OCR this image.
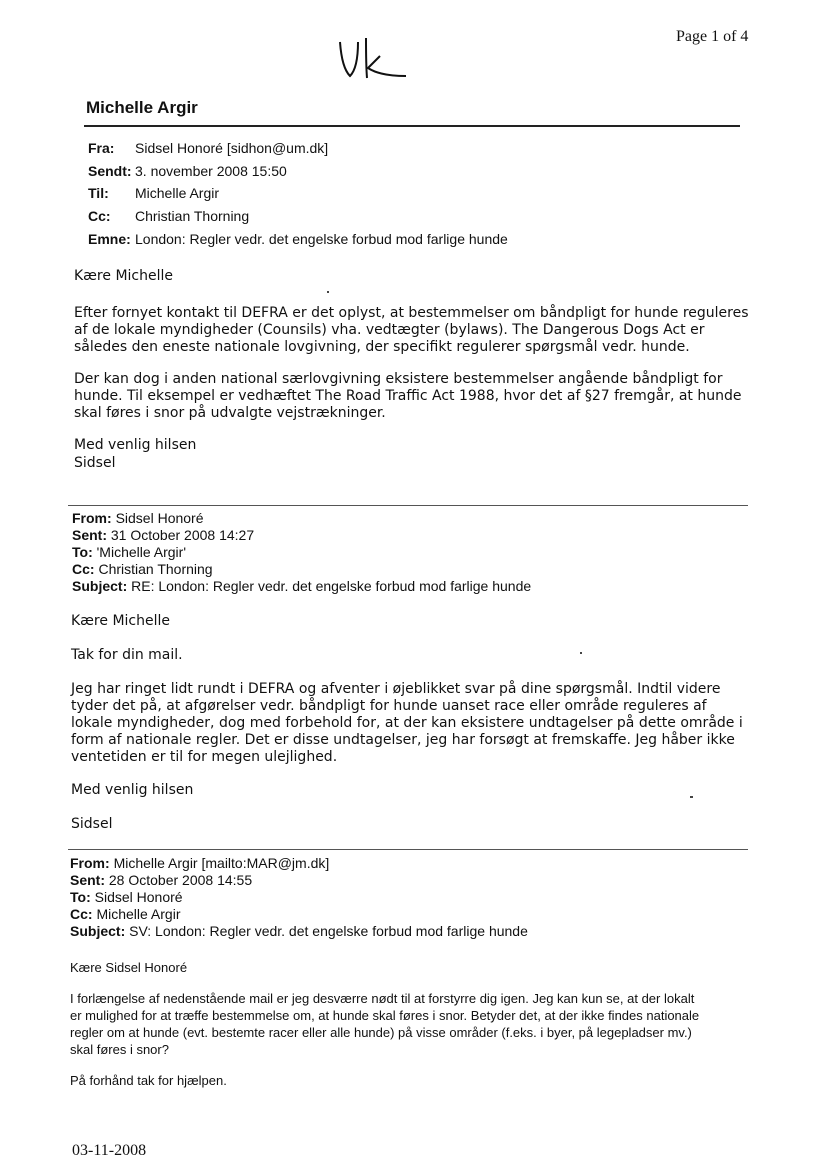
Page 1 of 4
Michelle Argir
Fra: Sidsel Honoré [sidhon@um.dk]
Sendt: 3. november 2008 15:50
Til: Michelle Argir
Cc: Christian Thorning
Emne: London: Regler vedr. det engelske forbud mod farlige hunde
Kære Michelle
Efter fornyet kontakt til DEFRA er det oplyst, at bestemmelser om båndpligt for hunde reguleres
af de lokale myndigheder (Counsils) vha. vedtægter (bylaws). The Dangerous Dogs Act er
således den eneste nationale lovgivning, der specifikt regulerer spørgsmål vedr. hunde.
Der kan dog i anden national særlovgivning eksistere bestemmelser angående båndpligt for
hunde. Til eksempel er vedhæftet The Road Traffic Act 1988, hvor det af §27 fremgår, at hunde
skal føres i snor på udvalgte vejstrækninger.
Med venlig hilsen
Sidsel
From: Sidsel Honoré
Sent: 31 October 2008 14:27
To: 'Michelle Argir'
Cc: Christian Thorning
Subject: RE: London: Regler vedr. det engelske forbud mod farlige hunde
Kære Michelle
Tak for din mail.
Jeg har ringet lidt rundt i DEFRA og afventer i øjeblikket svar på dine spørgsmål. Indtil videre
tyder det på, at afgørelser vedr. båndpligt for hunde uanset race eller område reguleres af
lokale myndigheder, dog med forbehold for, at der kan eksistere undtagelser på dette område i
form af nationale regler. Det er disse undtagelser, jeg har forsøgt at fremskaffe. Jeg håber ikke
ventetiden er til for megen ulejlighed.
Med venlig hilsen
Sidsel
From: Michelle Argir [mailto:MAR@jm.dk]
Sent: 28 October 2008 14:55
To: Sidsel Honoré
Cc: Michelle Argir
Subject: SV: London: Regler vedr. det engelske forbud mod farlige hunde
Kære Sidsel Honoré
I forlængelse af nedenstående mail er jeg desværre nødt til at forstyrre dig igen. Jeg kan kun se, at der lokalt
er mulighed for at træffe bestemmelse om, at hunde skal føres i snor. Betyder det, at der ikke findes nationale
regler om at hunde (evt. bestemte racer eller alle hunde) på visse områder (f.eks. i byer, på legepladser mv.)
skal føres i snor?
På forhånd tak for hjælpen.
03-11-2008
